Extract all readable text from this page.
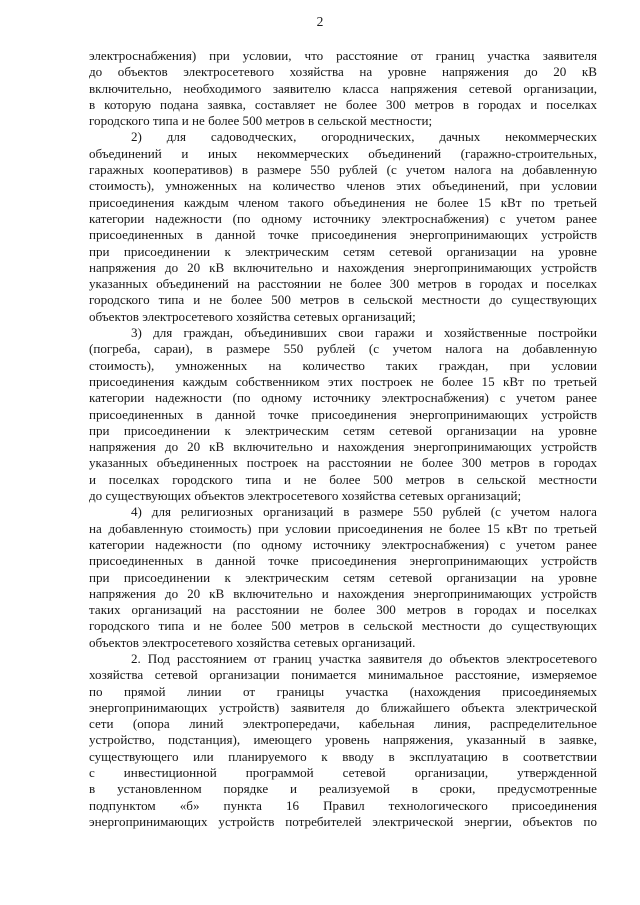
2
электроснабжения) при условии, что расстояние от границ участка заявителя
до объектов электросетевого хозяйства на уровне напряжения до 20 кВ
включительно, необходимого заявителю класса напряжения сетевой организации,
в которую подана заявка, составляет не более 300 метров в городах и поселках
городского типа и не более 500 метров в сельской местности;
2) для садоводческих, огороднических, дачных некоммерческих
объединений и иных некоммерческих объединений (гаражно-строительных,
гаражных кооперативов) в размере 550 рублей (с учетом налога на добавленную
стоимость), умноженных на количество членов этих объединений, при условии
присоединения каждым членом такого объединения не более 15 кВт по третьей
категории надежности (по одному источнику электроснабжения) с учетом ранее
присоединенных в данной точке присоединения энергопринимающих устройств
при присоединении к электрическим сетям сетевой организации на уровне
напряжения до 20 кВ включительно и нахождения энергопринимающих устройств
указанных объединений на расстоянии не более 300 метров в городах и поселках
городского типа и не более 500 метров в сельской местности до существующих
объектов электросетевого хозяйства сетевых организаций;
3) для граждан, объединивших свои гаражи и хозяйственные постройки
(погреба, сараи), в размере 550 рублей (с учетом налога на добавленную
стоимость), умноженных на количество таких граждан, при условии
присоединения каждым собственником этих построек не более 15 кВт по третьей
категории надежности (по одному источнику электроснабжения) с учетом ранее
присоединенных в данной точке присоединения энергопринимающих устройств
при присоединении к электрическим сетям сетевой организации на уровне
напряжения до 20 кВ включительно и нахождения энергопринимающих устройств
указанных объединенных построек на расстоянии не более 300 метров в городах
и поселках городского типа и не более 500 метров в сельской местности
до существующих объектов электросетевого хозяйства сетевых организаций;
4) для религиозных организаций в размере 550 рублей (с учетом налога
на добавленную стоимость) при условии присоединения не более 15 кВт по третьей
категории надежности (по одному источнику электроснабжения) с учетом ранее
присоединенных в данной точке присоединения энергопринимающих устройств
при присоединении к электрическим сетям сетевой организации на уровне
напряжения до 20 кВ включительно и нахождения энергопринимающих устройств
таких организаций на расстоянии не более 300 метров в городах и поселках
городского типа и не более 500 метров в сельской местности до существующих
объектов электросетевого хозяйства сетевых организаций.
2. Под расстоянием от границ участка заявителя до объектов электросетевого
хозяйства сетевой организации понимается минимальное расстояние, измеряемое
по прямой линии от границы участка (нахождения присоединяемых
энергопринимающих устройств) заявителя до ближайшего объекта электрической
сети (опора линий электропередачи, кабельная линия, распределительное
устройство, подстанция), имеющего уровень напряжения, указанный в заявке,
существующего или планируемого к вводу в эксплуатацию в соответствии
с инвестиционной программой сетевой организации, утвержденной
в установленном порядке и реализуемой в сроки, предусмотренные
подпунктом «б» пункта 16 Правил технологического присоединения
энергопринимающих устройств потребителей электрической энергии, объектов по
